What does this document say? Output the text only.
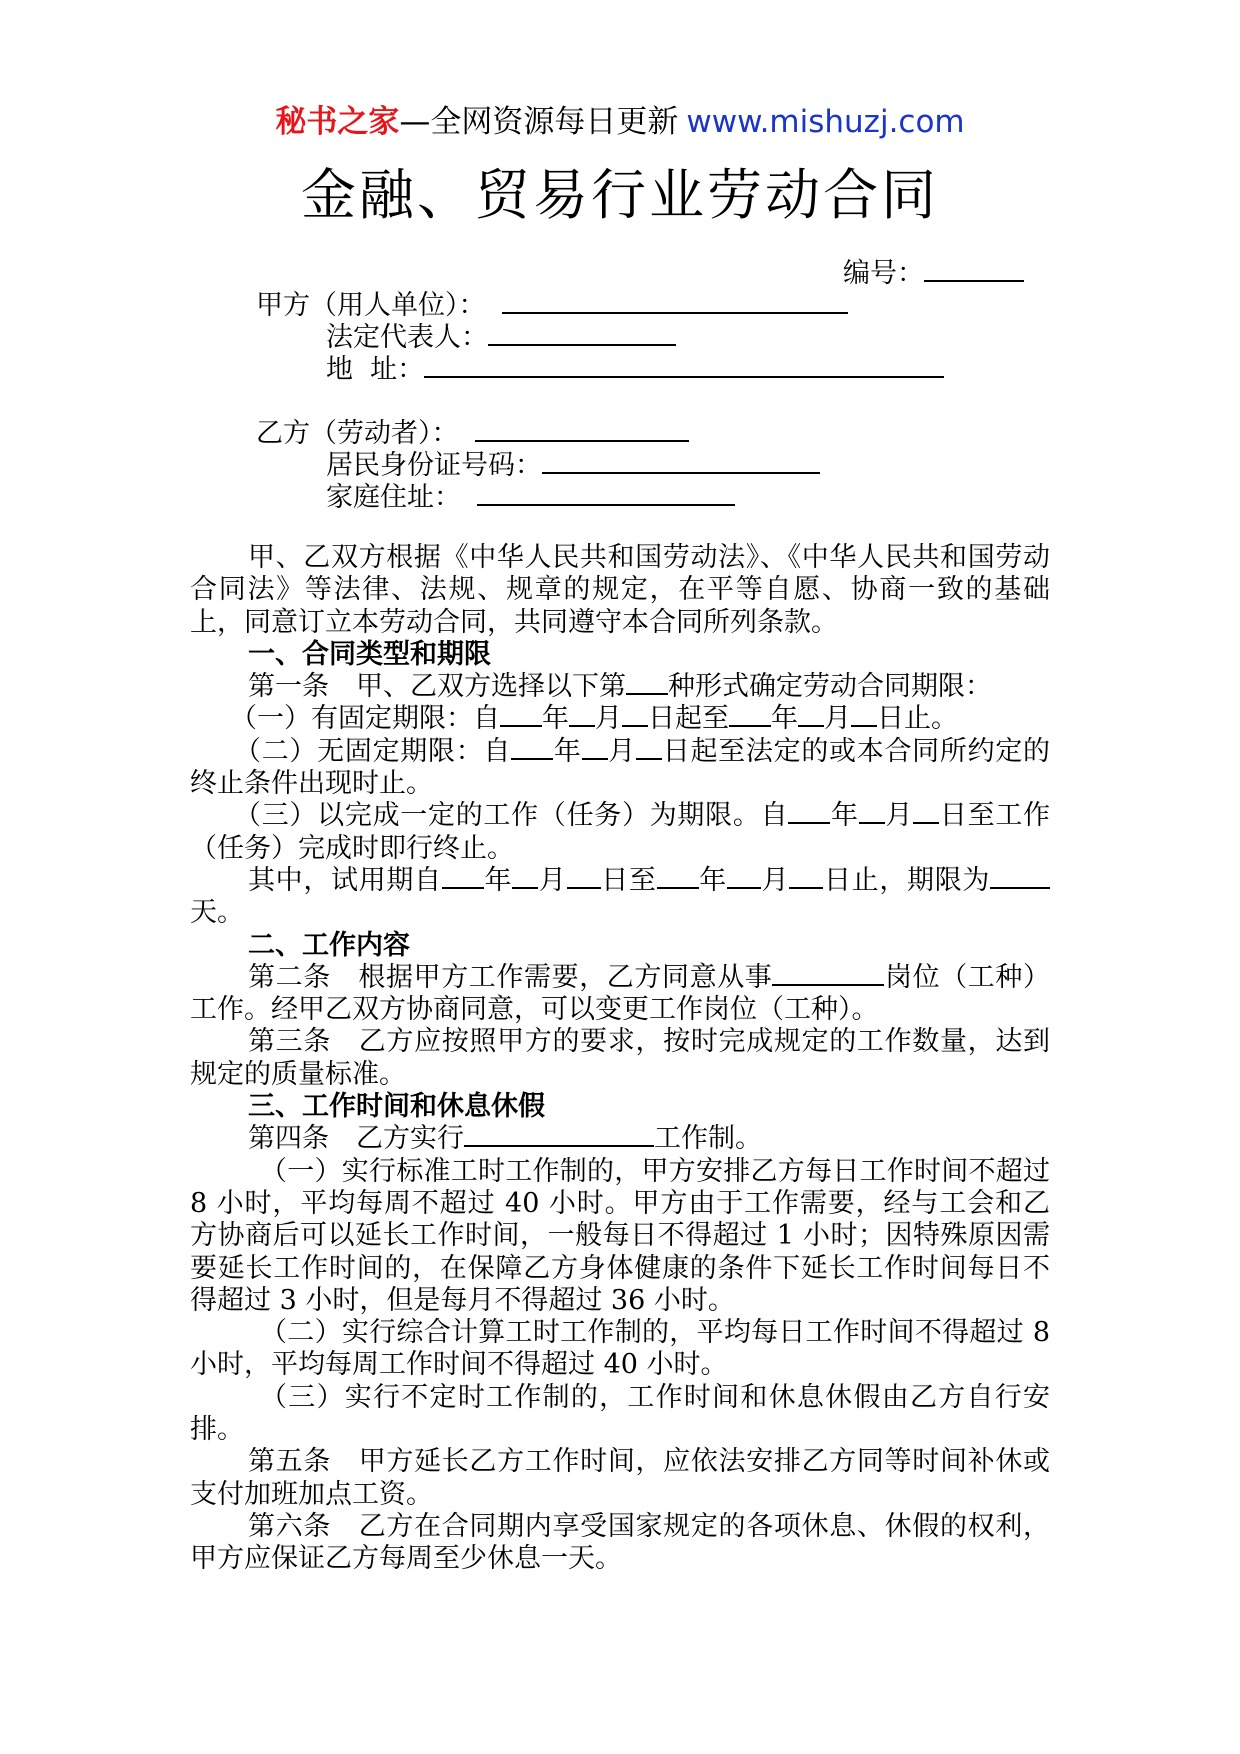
秘书之家—全网资源每日更新 www.mishuzj.com
金融、贸易行业劳动合同
编号：
甲方（用人单位）：
法定代表人：
地  址：
乙方（劳动者）：
居民身份证号码：
家庭住址：

甲、乙双方根据《中华人民共和国劳动法》、《中华人民共和国劳动合同法》等法律、法规、规章的规定，在平等自愿、协商一致的基础上，同意订立本劳动合同，共同遵守本合同所列条款。

一、合同类型和期限

第一条　甲、乙双方选择以下第 种形式确定劳动合同期限：

（一）有固定期限：自 年 月 日起至 年 月 日止。

（二）无固定期限：自 年 月 日起至法定的或本合同所约定的终止条件出现时止。

（三）以完成一定的工作（任务）为期限。自 年 月 日至工作（任务）完成时即行终止。

其中，试用期自 年 月 日至 年 月 日止，期限为天。

二、工作内容

第二条　根据甲方工作需要，乙方同意从事	岗位（工种）工作。经甲乙双方协商同意，可以变更工作岗位（工种）。

第三条　乙方应按照甲方的要求，按时完成规定的工作数量，达到规定的质量标准。

三、工作时间和休息休假

第四条　乙方实行	工作制。

（一）实行标准工时工作制的，甲方安排乙方每日工作时间不超过 8 小时，平均每周不超过 40 小时。甲方由于工作需要，经与工会和乙方协商后可以延长工作时间，一般每日不得超过 1 小时；因特殊原因需要延长工作时间的，在保障乙方身体健康的条件下延长工作时间每日不得超过 3 小时，但是每月不得超过 36 小时。

（二）实行综合计算工时工作制的，平均每日工作时间不得超过 8 小时，平均每周工作时间不得超过 40 小时。

（三）实行不定时工作制的，工作时间和休息休假由乙方自行安排。

第五条　甲方延长乙方工作时间，应依法安排乙方同等时间补休或支付加班加点工资。

第六条　乙方在合同期内享受国家规定的各项休息、休假的权利，甲方应保证乙方每周至少休息一天。
